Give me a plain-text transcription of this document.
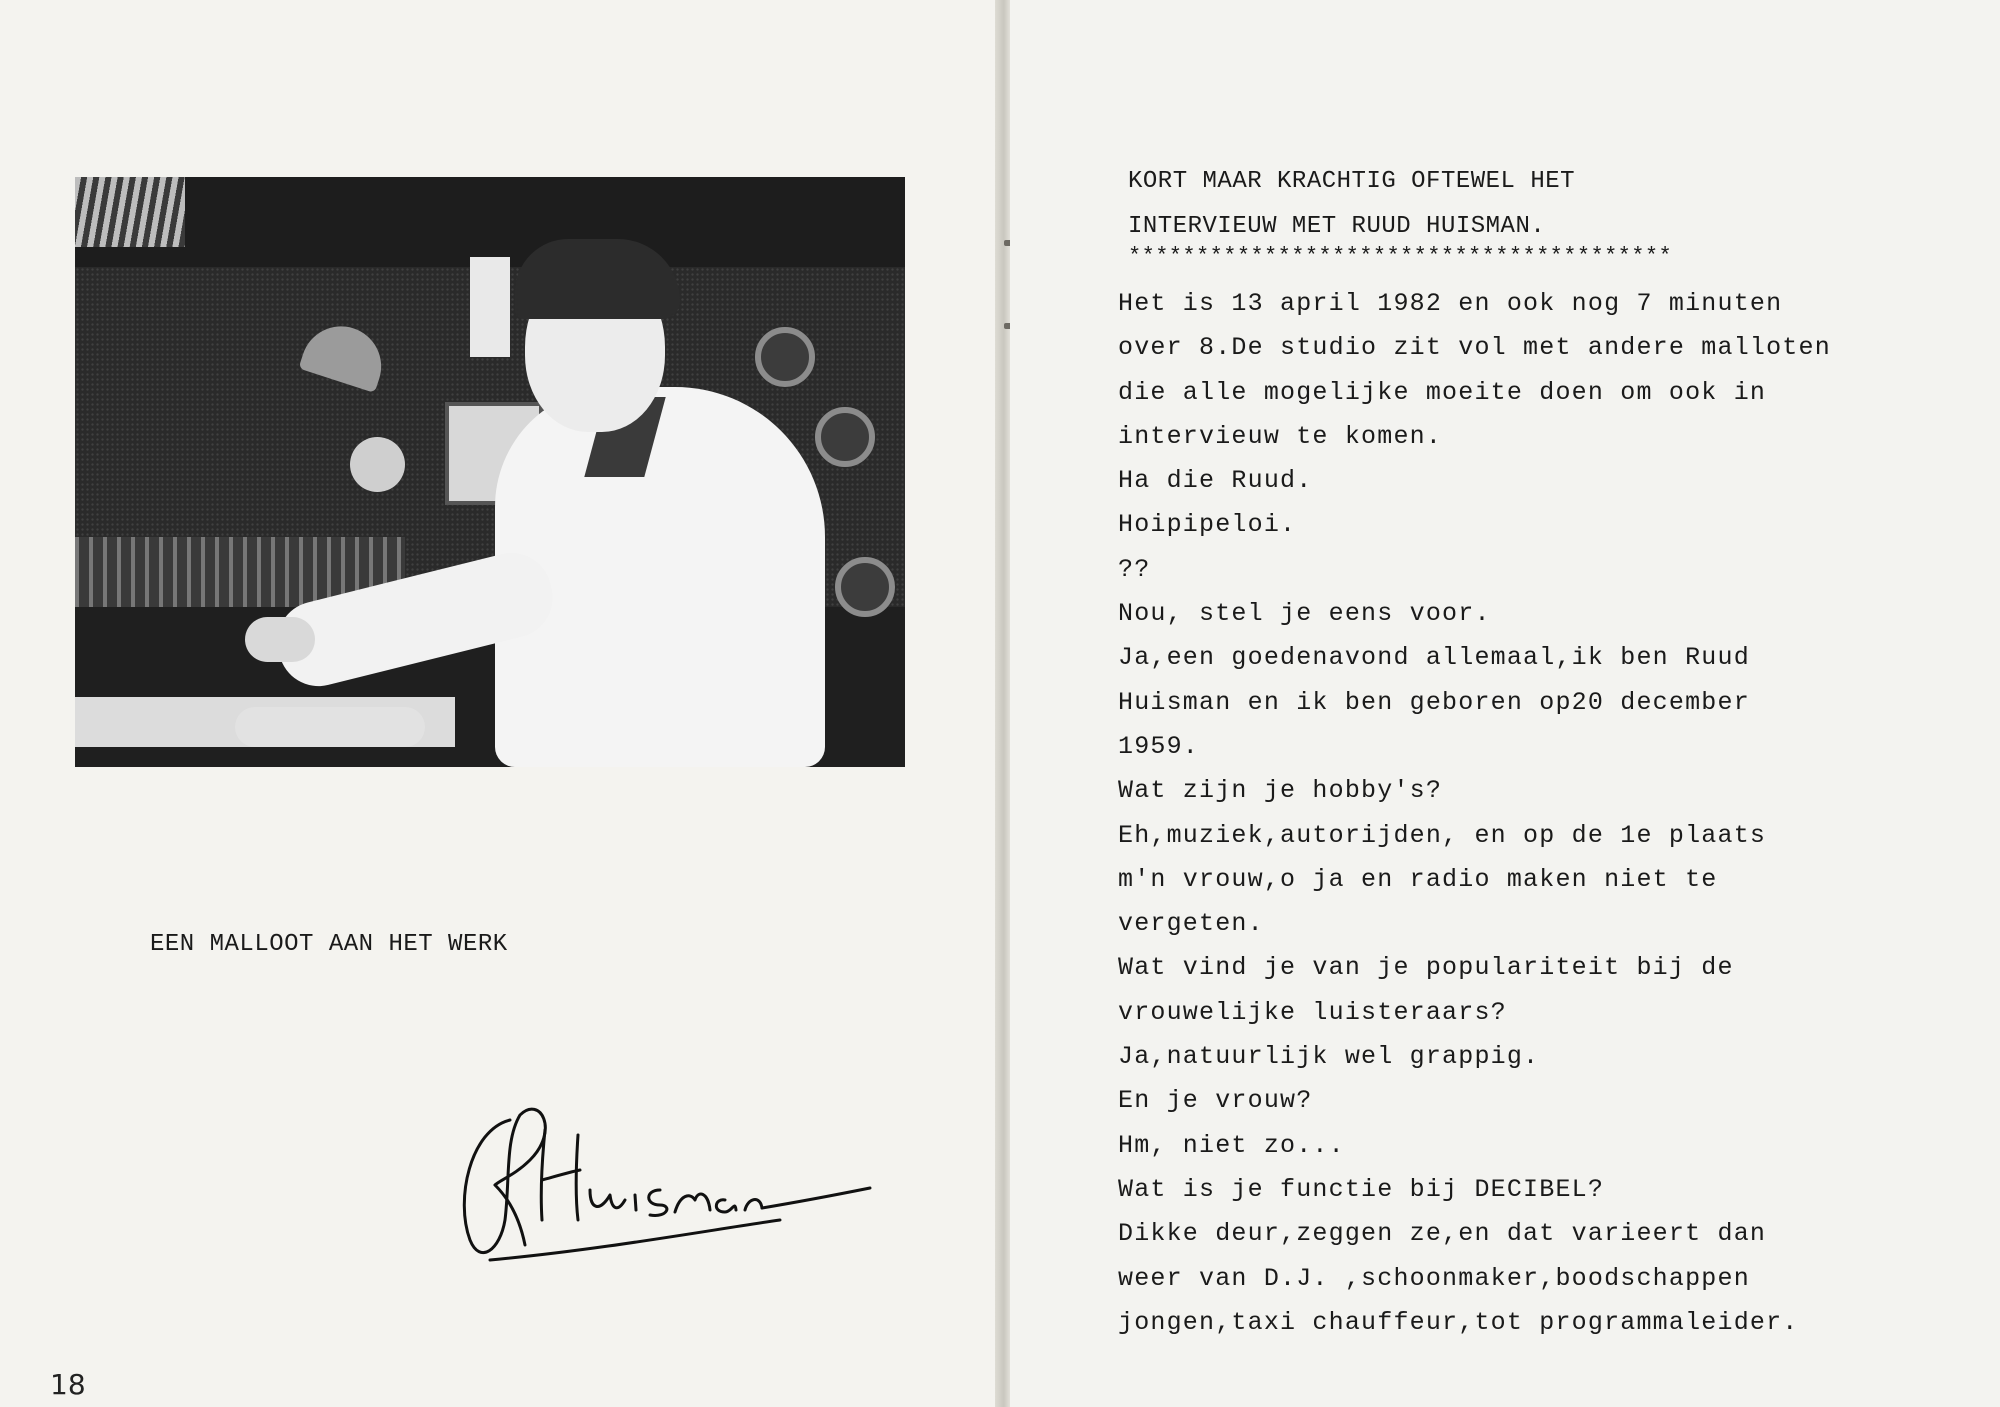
EEN MALLOOT AAN HET WERK
18
KORT MAAR KRACHTIG OFTEWEL HET
INTERVIEUW MET RUUD HUISMAN.
****************************************
Het is 13 april 1982 en ook nog 7 minuten
over 8.De studio zit vol met andere malloten
die alle mogelijke moeite doen om ook in
intervieuw te komen.
Ha die Ruud.
Hoipipeloi.
??
Nou, stel je eens voor.
Ja,een goedenavond allemaal,ik ben Ruud
Huisman en ik ben geboren op20 december
1959.
Wat zijn je hobby's?
Eh,muziek,autorijden, en op de 1e plaats
m'n vrouw,o ja en radio maken niet te
vergeten.
Wat vind je van je populariteit bij de
vrouwelijke luisteraars?
Ja,natuurlijk wel grappig.
En je vrouw?
Hm, niet zo...
Wat is je functie bij DECIBEL?
Dikke deur,zeggen ze,en dat varieert dan
weer van D.J. ,schoonmaker,boodschappen
jongen,taxi chauffeur,tot programmaleider.
